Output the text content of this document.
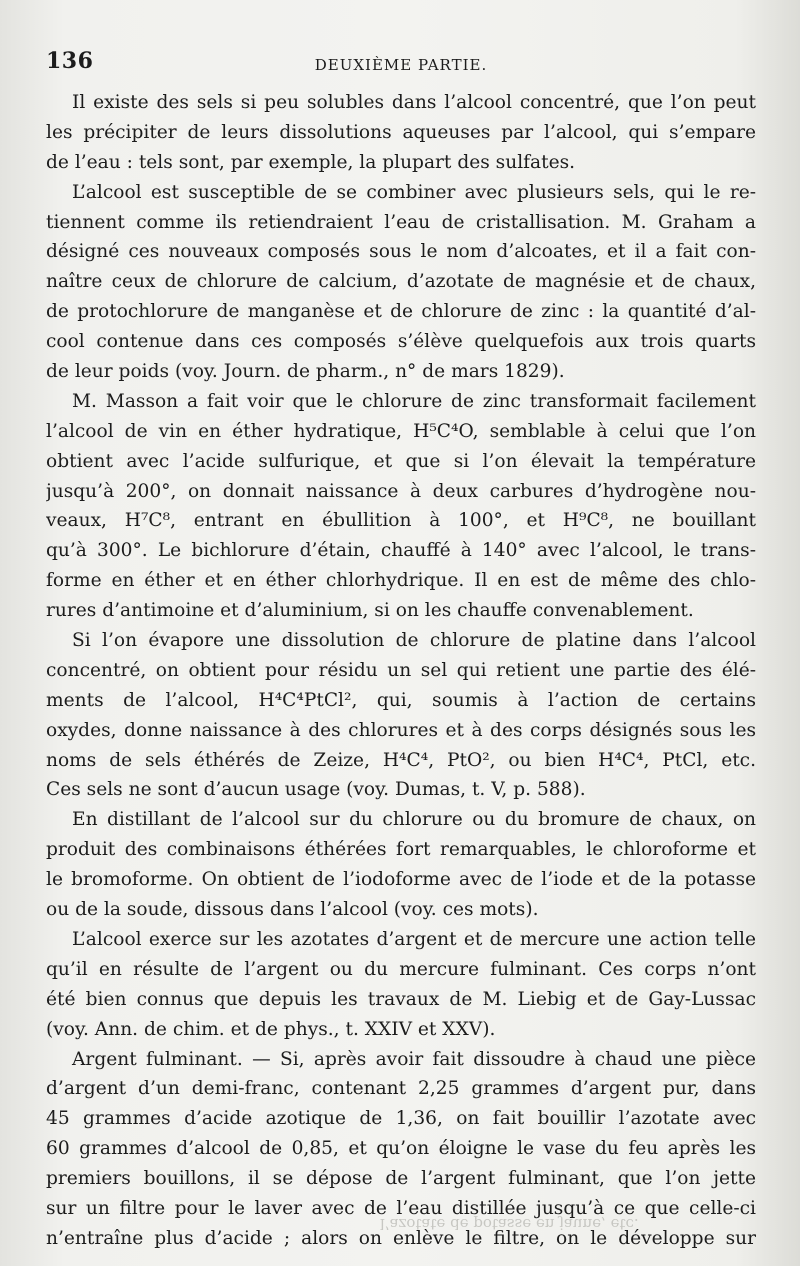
136	DEUXIÈME PARTIE.
Il existe des sels si peu solubles dans l’alcool concentré, que l’on peut
les précipiter de leurs dissolutions aqueuses par l’alcool, qui s’empare
de l’eau : tels sont, par exemple, la plupart des sulfates.
L’alcool est susceptible de se combiner avec plusieurs sels, qui le re-
tiennent comme ils retiendraient l’eau de cristallisation. M. Graham a
désigné ces nouveaux composés sous le nom d’alcoates, et il a fait con-
naître ceux de chlorure de calcium, d’azotate de magnésie et de chaux,
de protochlorure de manganèse et de chlorure de zinc : la quantité d’al-
cool contenue dans ces composés s’élève quelquefois aux trois quarts
de leur poids (voy. Journ. de pharm., n° de mars 1829).
M. Masson a fait voir que le chlorure de zinc transformait facilement
l’alcool de vin en éther hydratique, H⁵C⁴O, semblable à celui que l’on
obtient avec l’acide sulfurique, et que si l’on élevait la température
jusqu’à 200°, on donnait naissance à deux carbures d’hydrogène nou-
veaux, H⁷C⁸, entrant en ébullition à 100°, et H⁹C⁸, ne bouillant
qu’à 300°. Le bichlorure d’étain, chauffé à 140° avec l’alcool, le trans-
forme en éther et en éther chlorhydrique. Il en est de même des chlo-
rures d’antimoine et d’aluminium, si on les chauffe convenablement.
Si l’on évapore une dissolution de chlorure de platine dans l’alcool
concentré, on obtient pour résidu un sel qui retient une partie des élé-
ments de l’alcool, H⁴C⁴PtCl², qui, soumis à l’action de certains
oxydes, donne naissance à des chlorures et à des corps désignés sous les
noms de sels éthérés de Zeize, H⁴C⁴, PtO², ou bien H⁴C⁴, PtCl, etc.
Ces sels ne sont d’aucun usage (voy. Dumas, t. V, p. 588).
En distillant de l’alcool sur du chlorure ou du bromure de chaux, on
produit des combinaisons éthérées fort remarquables, le chloroforme et
le bromoforme. On obtient de l’iodoforme avec de l’iode et de la potasse
ou de la soude, dissous dans l’alcool (voy. ces mots).
L’alcool exerce sur les azotates d’argent et de mercure une action telle
qu’il en résulte de l’argent ou du mercure fulminant. Ces corps n’ont
été bien connus que depuis les travaux de M. Liebig et de Gay-Lussac
(voy. Ann. de chim. et de phys., t. XXIV et XXV).
Argent fulminant. — Si, après avoir fait dissoudre à chaud une pièce
d’argent d’un demi-franc, contenant 2,25 grammes d’argent pur, dans
45 grammes d’acide azotique de 1,36, on fait bouillir l’azotate avec
60 grammes d’alcool de 0,85, et qu’on éloigne le vase du feu après les
premiers bouillons, il se dépose de l’argent fulminant, que l’on jette
sur un filtre pour le laver avec de l’eau distillée jusqu’à ce que celle-ci
n’entraîne plus d’acide ; alors on enlève le filtre, on le développe sur
l’azotate de potasse en jaune, etc.
